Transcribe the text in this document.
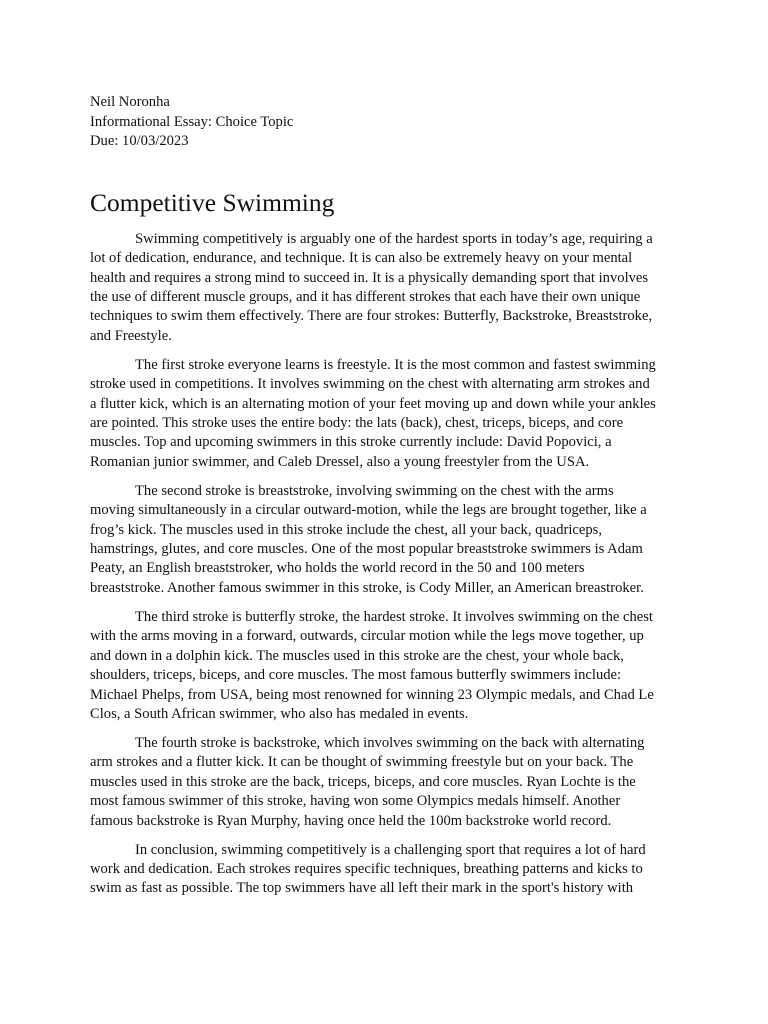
Neil Noronha
Informational Essay: Choice Topic
Due: 10/03/2023
Competitive Swimming

Swimming competitively is arguably one of the hardest sports in today’s age, requiring a
lot of dedication, endurance, and technique. It is can also be extremely heavy on your mental
health and requires a strong mind to succeed in. It is a physically demanding sport that involves
the use of different muscle groups, and it has different strokes that each have their own unique
techniques to swim them effectively. There are four strokes: Butterfly, Backstroke, Breaststroke,
and Freestyle.

The first stroke everyone learns is freestyle. It is the most common and fastest swimming
stroke used in competitions. It involves swimming on the chest with alternating arm strokes and
a flutter kick, which is an alternating motion of your feet moving up and down while your ankles
are pointed. This stroke uses the entire body: the lats (back), chest, triceps, biceps, and core
muscles. Top and upcoming swimmers in this stroke currently include: David Popovici, a
Romanian junior swimmer, and Caleb Dressel, also a young freestyler from the USA.

The second stroke is breaststroke, involving swimming on the chest with the arms
moving simultaneously in a circular outward-motion, while the legs are brought together, like a
frog’s kick. The muscles used in this stroke include the chest, all your back, quadriceps,
hamstrings, glutes, and core muscles. One of the most popular breaststroke swimmers is Adam
Peaty, an English breaststroker, who holds the world record in the 50 and 100 meters
breaststroke. Another famous swimmer in this stroke, is Cody Miller, an American breastroker.

The third stroke is butterfly stroke, the hardest stroke. It involves swimming on the chest
with the arms moving in a forward, outwards, circular motion while the legs move together, up
and down in a dolphin kick. The muscles used in this stroke are the chest, your whole back,
shoulders, triceps, biceps, and core muscles. The most famous butterfly swimmers include:
Michael Phelps, from USA, being most renowned for winning 23 Olympic medals, and Chad Le
Clos, a South African swimmer, who also has medaled in events.

The fourth stroke is backstroke, which involves swimming on the back with alternating
arm strokes and a flutter kick. It can be thought of swimming freestyle but on your back. The
muscles used in this stroke are the back, triceps, biceps, and core muscles. Ryan Lochte is the
most famous swimmer of this stroke, having won some Olympics medals himself. Another
famous backstroke is Ryan Murphy, having once held the 100m backstroke world record.

In conclusion, swimming competitively is a challenging sport that requires a lot of hard
work and dedication. Each strokes requires specific techniques, breathing patterns and kicks to
swim as fast as possible. The top swimmers have all left their mark in the sport's history with
